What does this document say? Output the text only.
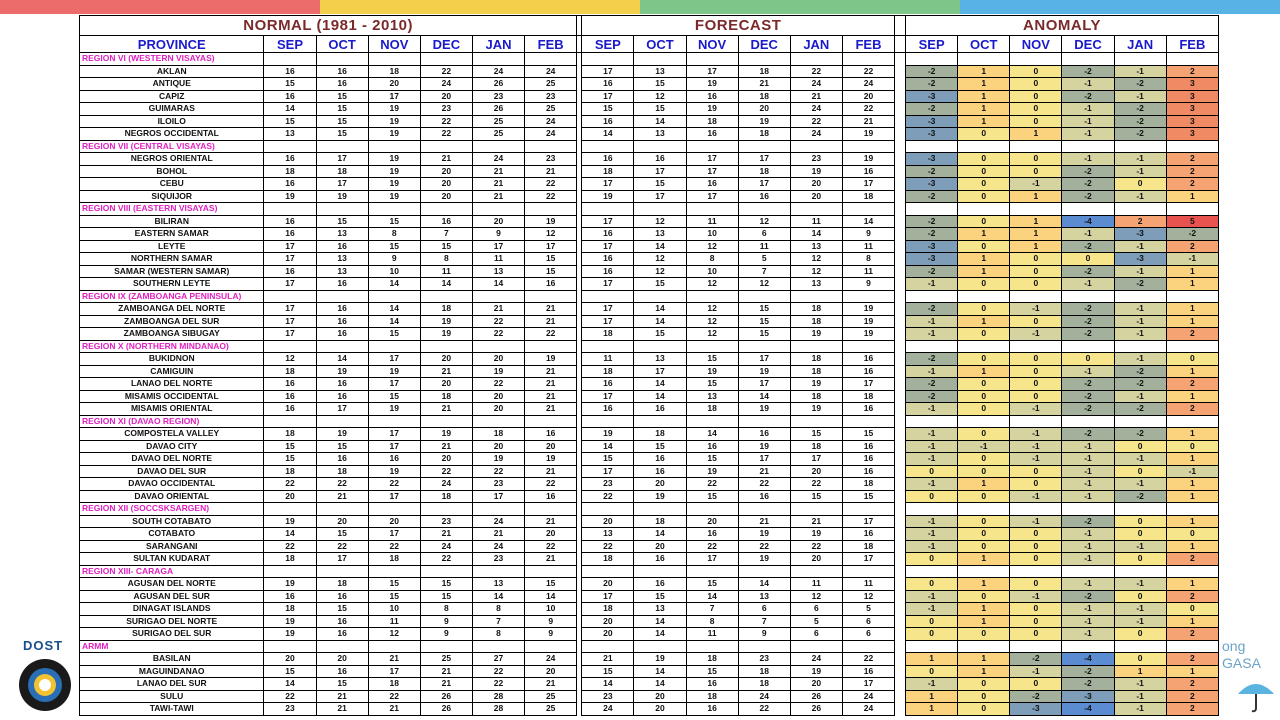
NORMAL (1981 - 2010)								FORECAST							ANOMALY					
PROVINCE	SEP	OCT	NOV	DEC	JAN	FEB		SEP	OCT	NOV	DEC	JAN	FEB		SEP	OCT	NOV	DEC	JAN	FEB
REGION VI (WESTERN VISAYAS)																				
AKLAN	16	16	18	22	24	24		17	13	17	18	22	22		-2	1	0	-2	-1	2
ANTIQUE	15	16	20	24	26	25		16	15	19	21	24	24		-2	1	0	-1	-2	3
CAPIZ	16	15	17	20	23	23		17	12	16	18	21	20		-3	1	0	-2	-1	3
GUIMARAS	14	15	19	23	26	25		15	15	19	20	24	22		-2	1	0	-1	-2	3
ILOILO	15	15	19	22	25	24		16	14	18	19	22	21		-3	1	0	-1	-2	3
NEGROS OCCIDENTAL	13	15	19	22	25	24		14	13	16	18	24	19		-3	0	1	-1	-2	3
REGION VII (CENTRAL VISAYAS)																				
NEGROS ORIENTAL	16	17	19	21	24	23		16	16	17	17	23	19		-3	0	0	-1	-1	2
BOHOL	18	18	19	20	21	21		18	17	17	18	19	16		-2	0	0	-2	-1	2
CEBU	16	17	19	20	21	22		17	15	16	17	20	17		-3	0	-1	-2	0	2
SIQUIJOR	19	19	19	20	21	22		19	17	17	16	20	18		-2	0	1	-2	-1	1
REGION VIII (EASTERN VISAYAS)																				
BILIRAN	16	15	15	16	20	19		17	12	11	12	11	14		-2	0	1	-4	2	5
EASTERN SAMAR	16	13	8	7	9	12		16	13	10	6	14	9		-2	1	1	-1	-3	-2
LEYTE	17	16	15	15	17	17		17	14	12	11	13	11		-3	0	1	-2	-1	2
NORTHERN SAMAR	17	13	9	8	11	15		16	12	8	5	12	8		-3	1	0	0	-3	-1
SAMAR (WESTERN SAMAR)	16	13	10	11	13	15		16	12	10	7	12	11		-2	1	0	-2	-1	1
SOUTHERN LEYTE	17	16	14	14	14	16		17	15	12	12	13	9		-1	0	0	-1	-2	1
REGION IX (ZAMBOANGA PENINSULA)																				
ZAMBOANGA DEL NORTE	17	16	14	18	21	21		17	14	12	15	18	19		-2	0	-1	-2	-1	1
ZAMBOANGA DEL SUR	17	16	14	19	22	21		17	14	12	15	18	19		-1	1	0	-2	-1	1
ZAMBOANGA SIBUGAY	17	16	15	19	22	22		18	15	12	15	19	19		-1	0	-1	-2	-1	2
REGION X (NORTHERN MINDANAO)																				
BUKIDNON	12	14	17	20	20	19		11	13	15	17	18	16		-2	0	0	0	-1	0
CAMIGUIN	18	19	19	21	19	21		18	17	19	19	18	16		-1	1	0	-1	-2	1
LANAO DEL NORTE	16	16	17	20	22	21		16	14	15	17	19	17		-2	0	0	-2	-2	2
MISAMIS OCCIDENTAL	16	16	15	18	20	21		17	14	13	14	18	18		-2	0	0	-2	-1	1
MISAMIS ORIENTAL	16	17	19	21	20	21		16	16	18	19	19	16		-1	0	-1	-2	-2	2
REGION XI (DAVAO REGION)																				
COMPOSTELA VALLEY	18	19	17	19	18	16		19	18	14	16	15	15		-1	0	-1	-2	-2	1
DAVAO CITY	15	15	17	21	20	20		14	15	16	19	18	16		-1	-1	-1	-1	0	0
DAVAO DEL NORTE	15	16	16	20	19	19		15	16	15	17	17	16		-1	0	-1	-1	-1	1
DAVAO DEL SUR	18	18	19	22	22	21		17	16	19	21	20	16		0	0	0	-1	0	-1
DAVAO OCCIDENTAL	22	22	22	24	23	22		23	20	22	22	22	18		-1	1	0	-1	-1	1
DAVAO ORIENTAL	20	21	17	18	17	16		22	19	15	16	15	15		0	0	-1	-1	-2	1
REGION XII (SOCCSKSARGEN)																				
SOUTH COTABATO	19	20	20	23	24	21		20	18	20	21	21	17		-1	0	-1	-2	0	1
COTABATO	14	15	17	21	21	20		13	14	16	19	19	16		-1	0	0	-1	0	0
SARANGANI	22	22	22	24	24	22		22	20	22	22	22	18		-1	0	0	-1	-1	1
SULTAN KUDARAT	18	17	18	22	23	21		18	16	17	19	20	17		0	1	0	-1	0	2
REGION XIII- CARAGA																				
AGUSAN DEL NORTE	19	18	15	15	13	15		20	16	15	14	11	11		0	1	0	-1	-1	1
AGUSAN DEL SUR	16	16	15	15	14	14		17	15	14	13	12	12		-1	0	-1	-2	0	2
DINAGAT ISLANDS	18	15	10	8	8	10		18	13	7	6	6	5		-1	1	0	-1	-1	0
SURIGAO DEL NORTE	19	16	11	9	7	9		20	14	8	7	5	6		0	1	0	-1	-1	1
SURIGAO DEL SUR	19	16	12	9	8	9		20	14	11	9	6	6		0	0	0	-1	0	2
ARMM																				
BASILAN	20	20	21	25	27	24		21	19	18	23	24	22		1	1	-2	-4	0	2
MAGUINDANAO	15	16	17	21	22	20		15	14	15	18	19	16		0	1	-1	-2	1	1
LANAO DEL SUR	14	15	18	21	22	21		14	14	16	18	20	17		-1	0	0	-2	-1	2
SULU	22	21	22	26	28	25		23	20	18	24	26	24		1	0	-2	-3	-1	2
TAWI-TAWI	23	21	21	26	28	25		24	20	16	22	26	24		1	0	-3	-4	-1	2
DOST	ong
GASA
